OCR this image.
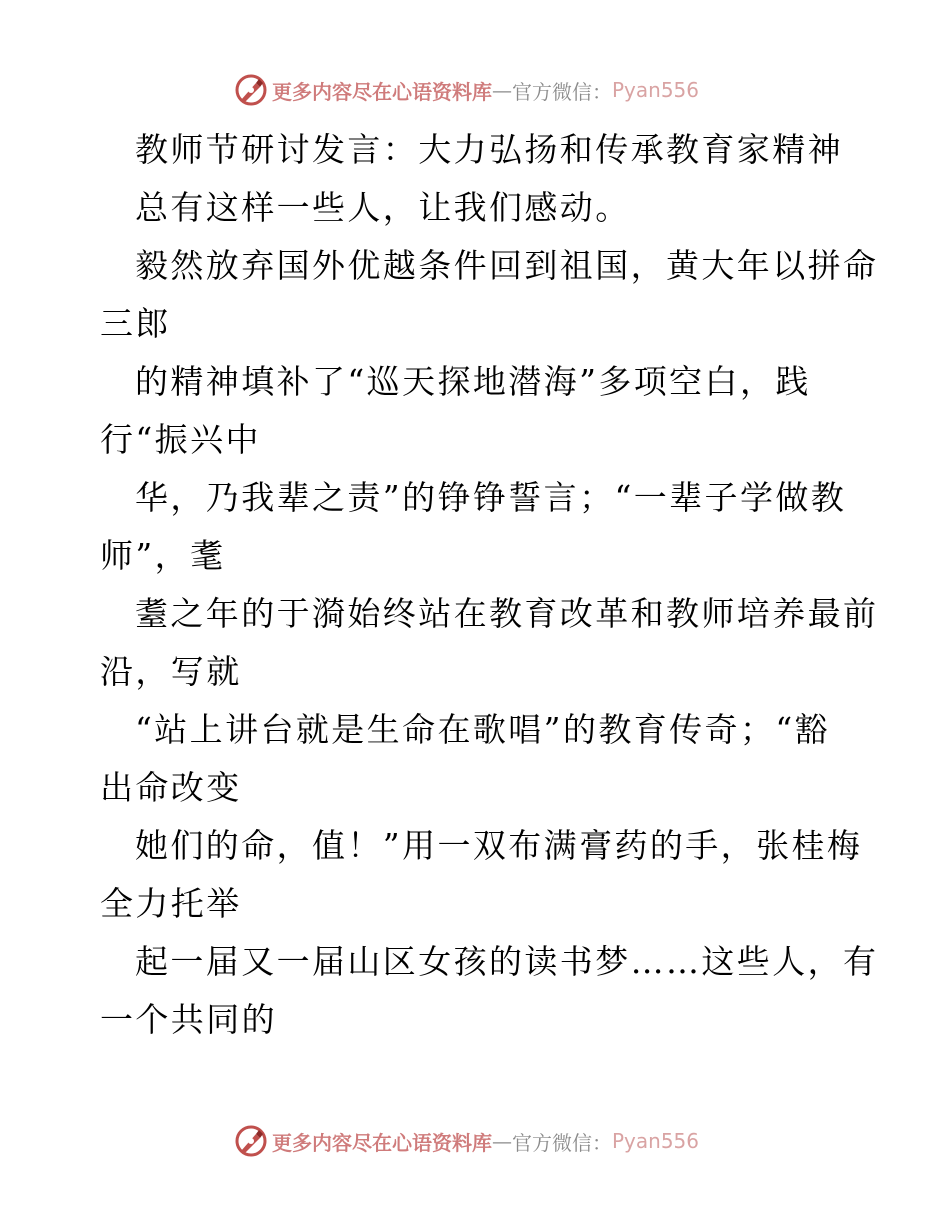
更多内容尽在心语资料库 — 官方微信： Pyan556
教师节研讨发言：大力弘扬和传承教育家精神
总有这样一些人，让我们感动。
毅然放弃国外优越条件回到祖国，黄大年以拼命
三郎
的精神填补了“巡天探地潜海”多项空白，践
行“振兴中
华，乃我辈之责”的铮铮誓言；“一辈子学做教
师”，耄
耋之年的于漪始终站在教育改革和教师培养最前
沿，写就
“站上讲台就是生命在歌唱”的教育传奇；“豁
出命改变
她们的命，值！”用一双布满膏药的手，张桂梅
全力托举
起一届又一届山区女孩的读书梦……这些人，有
一个共同的
更多内容尽在心语资料库 — 官方微信： Pyan556
